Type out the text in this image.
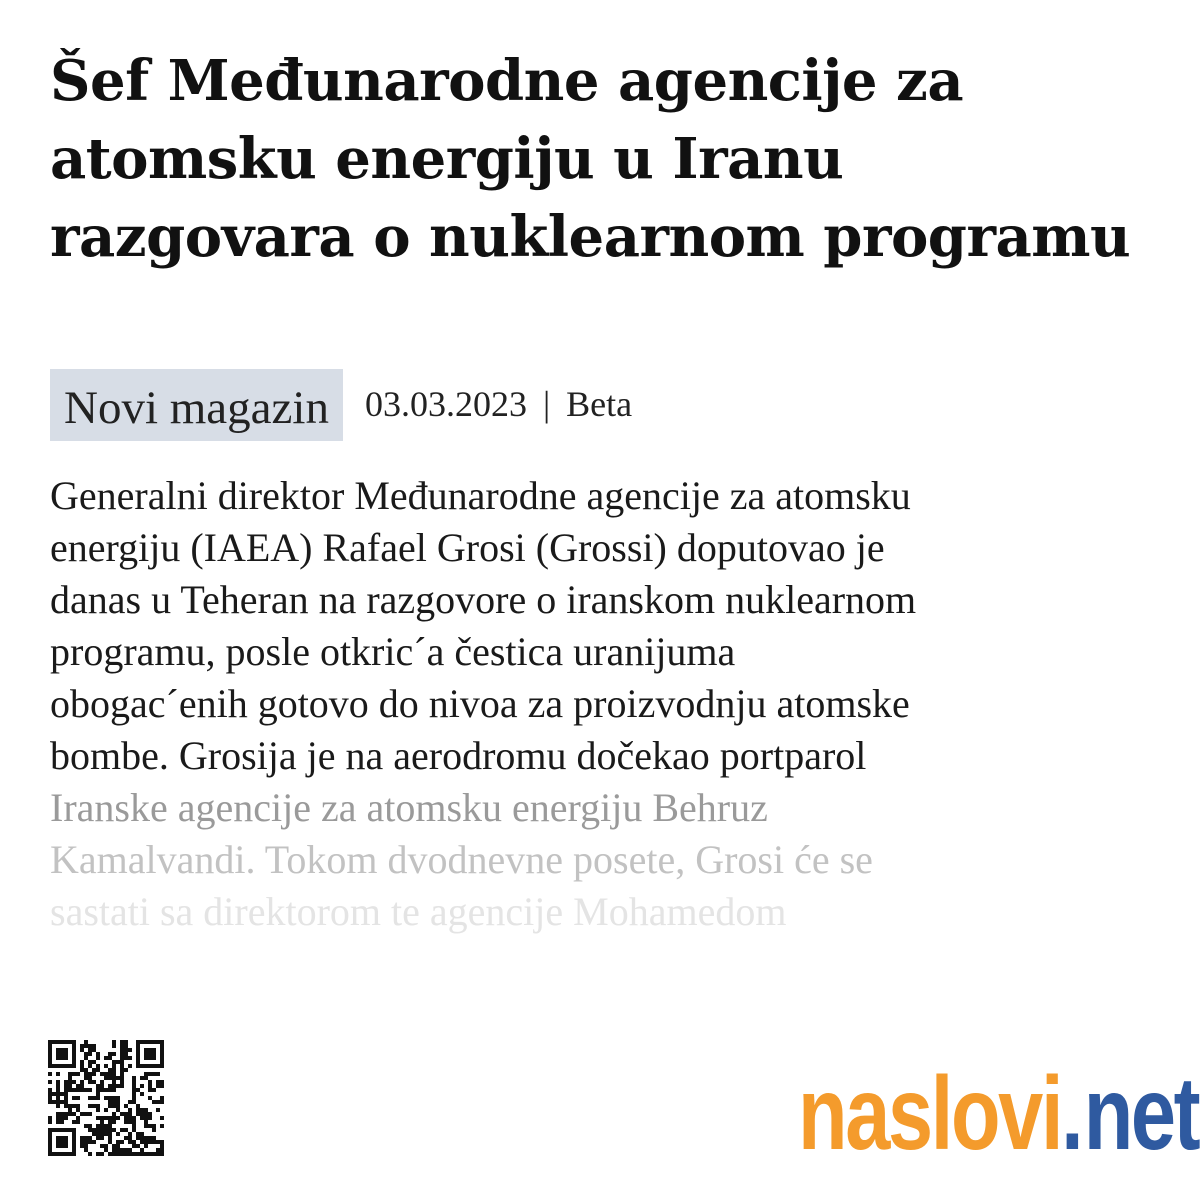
Šef Međunarodne agencije za atomsku energiju u Iranu razgovara o nuklearnom programu
Novi magazin	03.03.2023 | Beta
Generalni direktor Međunarodne agencije za atomsku
energiju (IAEA) Rafael Grosi (Grossi) doputovao je
danas u Teheran na razgovore o iranskom nuklearnom
programu, posle otkric´a čestica uranijuma
obogac´enih gotovo do nivoa za proizvodnju atomske
bombe. Grosija je na aerodromu dočekao portparol
Iranske agencije za atomsku energiju Behruz
Kamalvandi. Tokom dvodnevne posete, Grosi će se
sastati sa direktorom te agencije Mohamedom
naslovi.net
